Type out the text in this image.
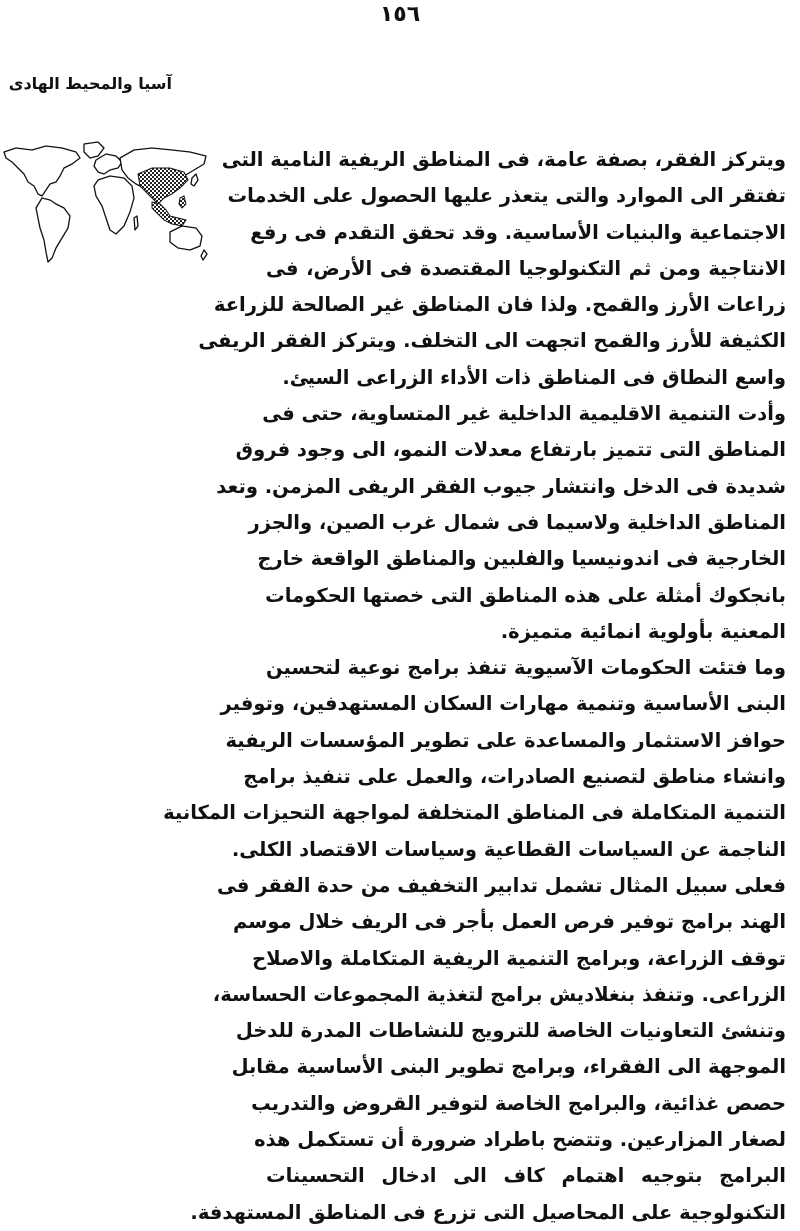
١٥٦
آسيا والمحيط الهادى
ويتركز الفقر، بصفة عامة، فى المناطق الريفية النامية التى
تفتقر الى الموارد والتى يتعذر عليها الحصول على الخدمات
الاجتماعية والبنيات الأساسية. وقد تحقق التقدم فى رفع
الانتاجية ومن ثم التكنولوجيا المقتصدة فى الأرض، فى
زراعات الأرز والقمح. ولذا فان المناطق غير الصالحة للزراعة
الكثيفة للأرز والقمح اتجهت الى التخلف. ويتركز الفقر الريفى
واسع النطاق فى المناطق ذات الأداء الزراعى السيئ.
وأدت التنمية الاقليمية الداخلية غير المتساوية، حتى فى
المناطق التى تتميز بارتفاع معدلات النمو، الى وجود فروق
شديدة فى الدخل وانتشار جيوب الفقر الريفى المزمن. وتعد
المناطق الداخلية ولاسيما فى شمال غرب الصين، والجزر
الخارجية فى اندونيسيا والفلبين والمناطق الواقعة خارج
بانجكوك أمثلة على هذه المناطق التى خصتها الحكومات
المعنية بأولوية انمائية متميزة.
وما فتئت الحكومات الآسيوية تنفذ برامج نوعية لتحسين
البنى الأساسية وتنمية مهارات السكان المستهدفين، وتوفير
حوافز الاستثمار والمساعدة على تطوير المؤسسات الريفية
وانشاء مناطق لتصنيع الصادرات، والعمل على تنفيذ برامج
التنمية المتكاملة فى المناطق المتخلفة لمواجهة التحيزات المكانية
الناجمة عن السياسات القطاعية وسياسات الاقتصاد الكلى.
فعلى سبيل المثال تشمل تدابير التخفيف من حدة الفقر فى
الهند برامج توفير فرص العمل بأجر فى الريف خلال موسم
توقف الزراعة، وبرامج التنمية الريفية المتكاملة والاصلاح
الزراعى. وتنفذ بنغلاديش برامج لتغذية المجموعات الحساسة،
وتنشئ التعاونيات الخاصة للترويج للنشاطات المدرة للدخل
الموجهة الى الفقراء، وبرامج تطوير البنى الأساسية مقابل
حصص غذائية، والبرامج الخاصة لتوفير القروض والتدريب
لصغار المزارعين. وتتضح باطراد ضرورة أن تستكمل هذه
البرامج بتوجيه اهتمام كاف الى ادخال التحسينات
التكنولوجية على المحاصيل التى تزرع فى المناطق المستهدفة.
